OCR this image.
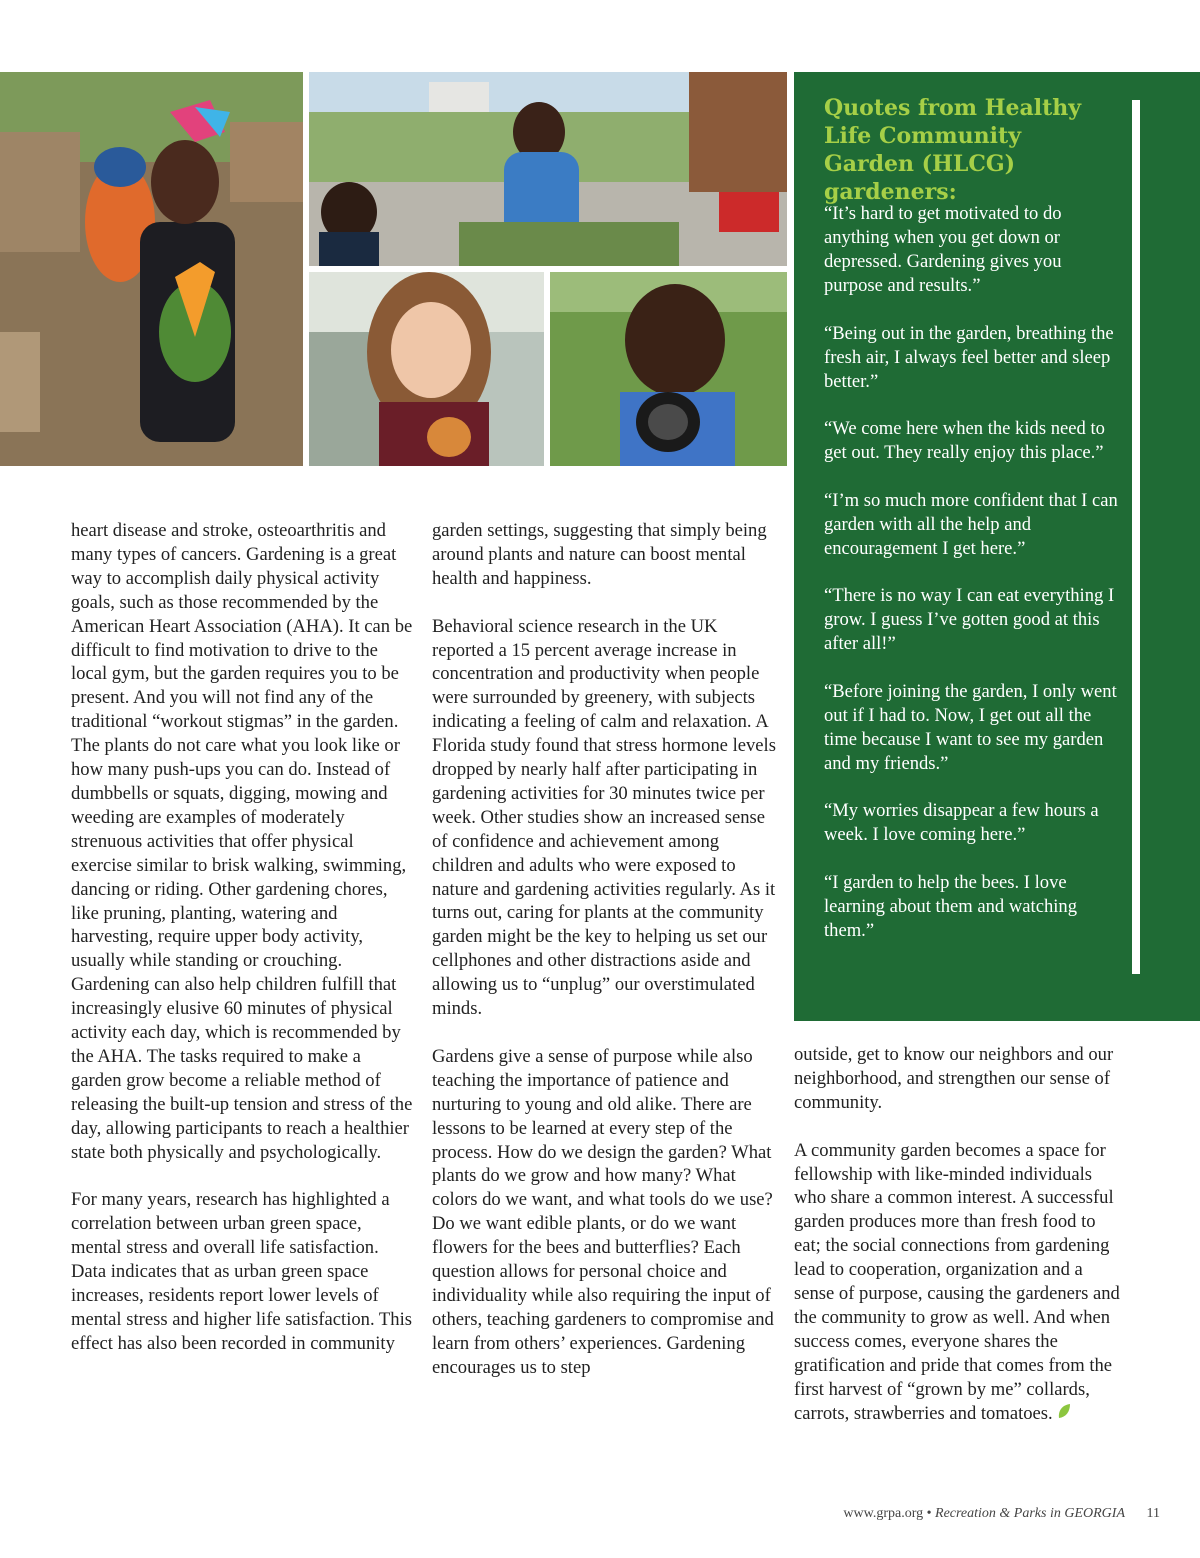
Quotes from Healthy Life Community Garden (HLCG) gardeners:

“It’s hard to get motivated to do anything when you get down or depressed. Gardening gives you purpose and results.”

“Being out in the garden, breathing the fresh air, I always feel better and sleep better.”

“We come here when the kids need to get out. They really enjoy this place.”

“I’m so much more confident that I can garden with all the help and encouragement I get here.”

“There is no way I can eat everything I grow. I guess I’ve gotten good at this after all!”

“Before joining the garden, I only went out if I had to. Now, I get out all the time because I want to see my garden and my friends.”

“My worries disappear a few hours a week. I love coming here.”

“I garden to help the bees. I love learning about them and watching them.”

heart disease and stroke, osteoarthritis and many types of cancers. Gardening is a great way to accomplish daily physical activity goals, such as those recommended by the American Heart Association (AHA). It can be difficult to find motivation to drive to the local gym, but the garden requires you to be present. And you will not find any of the traditional “workout stigmas” in the garden. The plants do not care what you look like or how many push-ups you can do. Instead of dumbbells or squats, digging, mowing and weeding are examples of moderately strenuous activities that offer physical exercise similar to brisk walking, swimming, dancing or riding. Other gardening chores, like pruning, planting, watering and harvesting, require upper body activity, usually while standing or crouching. Gardening can also help children fulfill that increasingly elusive 60 minutes of physical activity each day, which is recommended by the AHA. The tasks required to make a garden grow become a reliable method of releasing the built-up tension and stress of the day, allowing participants to reach a healthier state both physically and psychologically.

For many years, research has highlighted a correlation between urban green space, mental stress and overall life satisfaction. Data indicates that as urban green space increases, residents report lower levels of mental stress and higher life satisfaction. This effect has also been recorded in community

garden settings, suggesting that simply being around plants and nature can boost mental health and happiness.

Behavioral science research in the UK reported a 15 percent average increase in concentration and productivity when people were surrounded by greenery, with subjects indicating a feeling of calm and relaxation. A Florida study found that stress hormone levels dropped by nearly half after participating in gardening activities for 30 minutes twice per week. Other studies show an increased sense of confidence and achievement among children and adults who were exposed to nature and gardening activities regularly. As it turns out, caring for plants at the community garden might be the key to helping us set our cellphones and other distractions aside and allowing us to “unplug” our overstimulated minds.

Gardens give a sense of purpose while also teaching the importance of patience and nurturing to young and old alike. There are lessons to be learned at every step of the process. How do we design the garden? What plants do we grow and how many? What colors do we want, and what tools do we use? Do we want edible plants, or do we want flowers for the bees and butterflies? Each question allows for personal choice and individuality while also requiring the input of others, teaching gardeners to compromise and learn from others’ experiences. Gardening encourages us to step

outside, get to know our neighbors and our neighborhood, and strengthen our sense of community.

A community garden becomes a space for fellowship with like-minded individuals who share a common interest. A successful garden produces more than fresh food to eat; the social connections from gardening lead to cooperation, organization and a sense of purpose, causing the gardeners and the community to grow as well. And when success comes, everyone shares the gratification and pride that comes from the first harvest of “grown by me” collards, carrots, strawberries and tomatoes.

www.grpa.org • Recreation & Parks in GEORGIA 11
